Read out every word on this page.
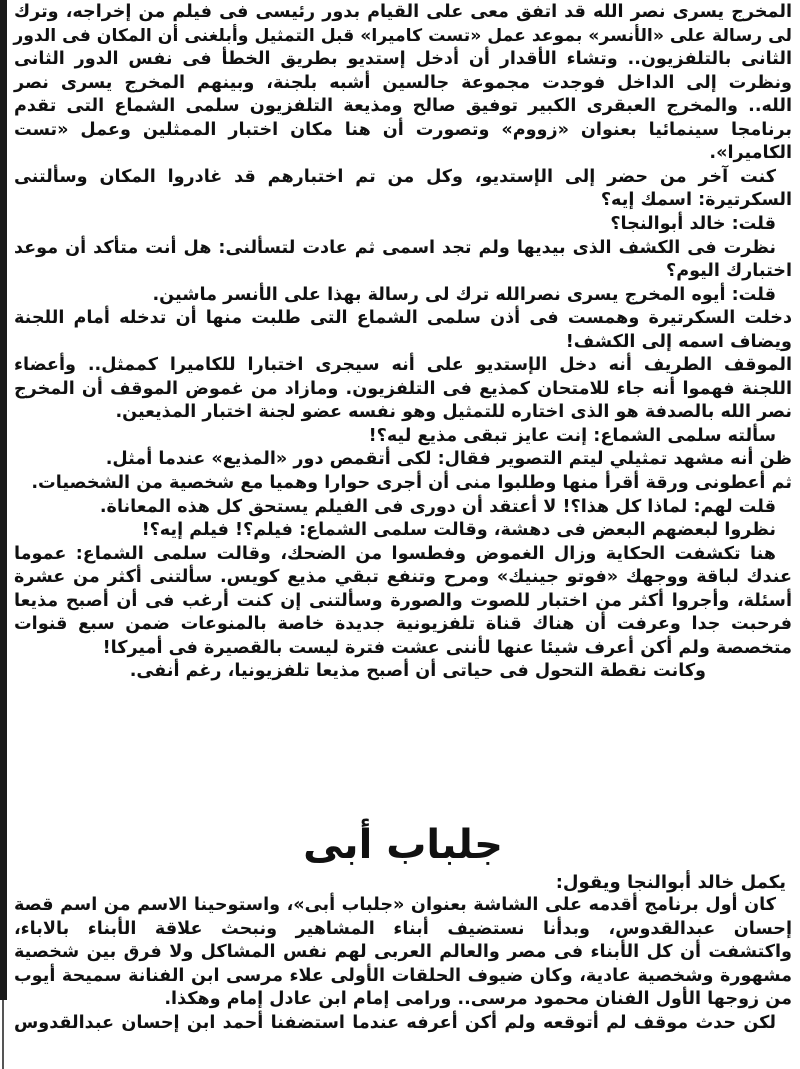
المخرج يسرى نصر الله قد اتفق معى على القيام بدور رئيسى فى فيلم من إخراجه، وترك
لى رسالة على «الأنسر» بموعد عمل «تست كاميرا» قبل التمثيل وأبلغنى أن المكان فى الدور
الثانى بالتلفزيون.. وتشاء الأقدار أن أدخل إستديو بطريق الخطأ فى نفس الدور الثانى
ونظرت إلى الداخل فوجدت مجموعة جالسين أشبه بلجنة، وبينهم المخرج يسرى نصر
الله.. والمخرج العبقرى الكبير توفيق صالح ومذيعة التلفزيون سلمى الشماع التى تقدم
برنامجا سينمائيا بعنوان «زووم» وتصورت أن هنا مكان اختبار الممثلين وعمل «تست
الكاميرا».
كنت آخر من حضر إلى الإستديو، وكل من تم اختبارهم قد غادروا المكان وسألتنى
السكرتيرة: اسمك إيه؟
قلت: خالد أبوالنجا؟
نظرت فى الكشف الذى بيديها ولم تجد اسمى ثم عادت لتسألنى: هل أنت متأكد أن موعد
اختبارك اليوم؟
قلت: أيوه المخرج يسرى نصرالله ترك لى رسالة بهذا على الأنسر ماشين.
دخلت السكرتيرة وهمست فى أذن سلمى الشماع التى طلبت منها أن تدخله أمام اللجنة
ويضاف اسمه إلى الكشف!
الموقف الطريف أنه دخل الإستديو على أنه سيجرى اختبارا للكاميرا كممثل.. وأعضاء
اللجنة فهموا أنه جاء للامتحان كمذيع فى التلفزيون. ومازاد من غموض الموقف أن المخرج
نصر الله بالصدفة هو الذى اختاره للتمثيل وهو نفسه عضو لجنة اختبار المذيعين.
سألته سلمى الشماع: إنت عايز تبقى مذيع ليه؟!
ظن أنه مشهد تمثيلي ليتم التصوير فقال: لكى أتقمص دور «المذيع» عندما أمثل.
ثم أعطونى ورقة أقرأ منها وطلبوا منى أن أجرى حوارا وهميا مع شخصية من الشخصيات.
قلت لهم: لماذا كل هذا؟! لا أعتقد أن دورى فى الفيلم يستحق كل هذه المعاناة.
نظروا لبعضهم البعض فى دهشة، وقالت سلمى الشماع: فيلم؟! فيلم إيه؟!
هنا تكشفت الحكاية وزال الغموض وفطسوا من الضحك، وقالت سلمى الشماع: عموما
عندك لباقة ووجهك «فوتو جينيك» ومرح وتنفع تبقي مذيع كويس. سألتنى أكثر من عشرة
أسئلة، وأجروا أكثر من اختبار للصوت والصورة وسألتنى إن كنت أرغب فى أن أصبح مذيعا
فرحبت جدا وعرفت أن هناك قناة تلفزيونية جديدة خاصة بالمنوعات ضمن سبع قنوات
متخصصة ولم أكن أعرف شيئا عنها لأننى عشت فترة ليست بالقصيرة فى أميركا!
وكانت نقطة التحول فى حياتى أن أصبح مذيعا تلفزيونيا، رغم أنفى.
جلباب أبى
يكمل خالد أبوالنجا ويقول:
كان أول برنامج أقدمه على الشاشة بعنوان «جلباب أبى»، واستوحينا الاسم من اسم قصة
إحسان عبدالقدوس، وبدأنا نستضيف أبناء المشاهير ونبحث علاقة الأبناء بالاباء،
واكتشفت أن كل الأبناء فى مصر والعالم العربى لهم نفس المشاكل ولا فرق بين شخصية
مشهورة وشخصية عادية، وكان ضيوف الحلقات الأولى علاء مرسى ابن الفنانة سميحة أيوب
من زوجها الأول الفنان محمود مرسى.. ورامى إمام ابن عادل إمام وهكذا.
لكن حدث موقف لم أتوقعه ولم أكن أعرفه عندما استضفنا أحمد ابن إحسان عبدالقدوس
